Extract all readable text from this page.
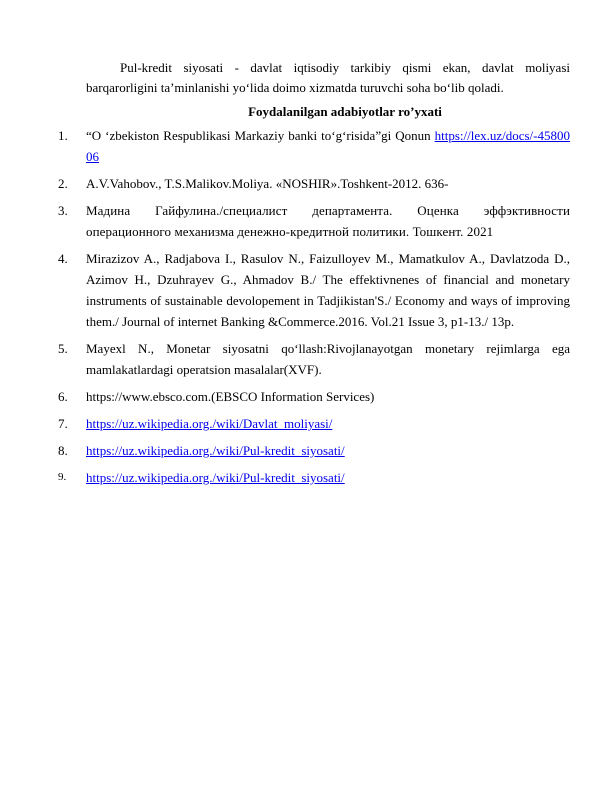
Pul-kredit siyosati - davlat iqtisodiy tarkibiy qismi ekan, davlat moliyasi barqarorligini ta’minlanishi yo‘lida doimo xizmatda turuvchi soha bo‘lib qoladi.

Foydalanilgan adabiyotlar ro’yxati
1.	“O ‘zbekiston Respublikasi Markaziy banki to‘g‘risida”gi Qonun https://lex.uz/docs/-4580006
2.	A.V.Vahobov., T.S.Malikov.Moliya. «NOSHIR».Toshkent-2012. 636-
3.	Мадина Гайфулина./специалист департамента. Оценка эффэктивности операционного механизма денежно-кредитной политики. Тошкент. 2021
4.	Mirazizov A., Radjabova I., Rasulov N., Faizulloyev M., Mamatkulov A., Davlatzoda D., Azimov H., Dzuhrayev G., Ahmadov B./ The effektivnenes of financial and monetary instruments of sustainable devolopement in Tadjikistan'S./ Economy and ways of improving them./ Journal of internet Banking &Commerce.2016. Vol.21 Issue 3, p1-13./ 13p.
5.	Mayexl N., Monetar siyosatni qo‘llash:Rivojlanayotgan monetary rejimlarga ega mamlakatlardagi operatsion masalalar(XVF).
6.	https://www.ebsco.com.(EBSCO Information Services)
7.	https://uz.wikipedia.org./wiki/Davlat_moliyasi/
8.	https://uz.wikipedia.org./wiki/Pul-kredit_siyosati/
9.	https://uz.wikipedia.org./wiki/Pul-kredit_siyosati/
